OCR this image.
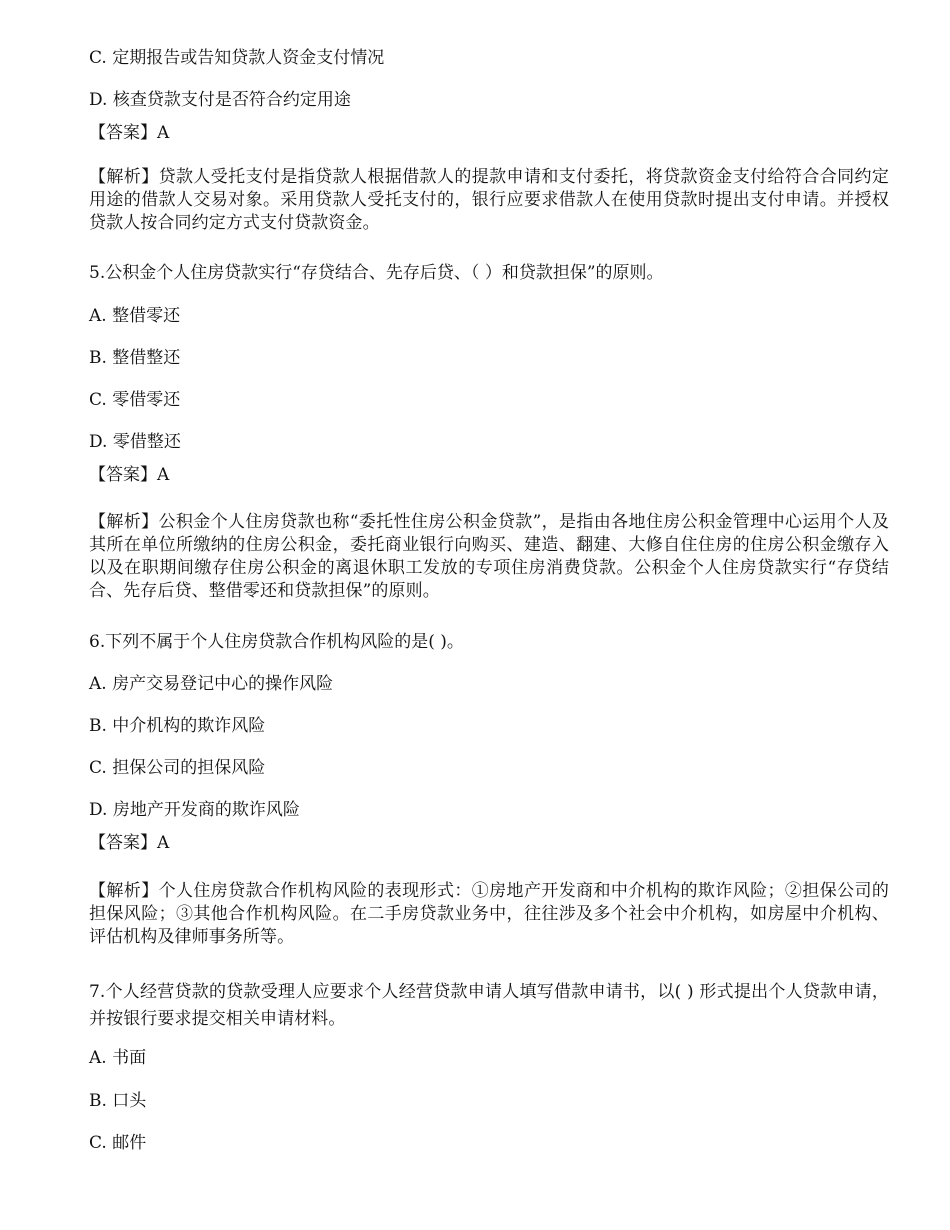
C. 定期报告或告知贷款人资金支付情况
D. 核查贷款支付是否符合约定用途
【答案】A
【解析】贷款人受托支付是指贷款人根据借款人的提款申请和支付委托，将贷款资金支付给符合合同约定用途的借款人交易对象。采用贷款人受托支付的，银行应要求借款人在使用贷款时提出支付申请。并授权贷款人按合同约定方式支付贷款资金。
5.公积金个人住房贷款实行“存贷结合、先存后贷、（ ）和贷款担保”的原则。
A. 整借零还
B. 整借整还
C. 零借零还
D. 零借整还
【答案】A
【解析】公积金个人住房贷款也称“委托性住房公积金贷款”，是指由各地住房公积金管理中心运用个人及其所在单位所缴纳的住房公积金，委托商业银行向购买、建造、翻建、大修自住住房的住房公积金缴存入以及在职期间缴存住房公积金的离退休职工发放的专项住房消费贷款。公积金个人住房贷款实行“存贷结合、先存后贷、整借零还和贷款担保”的原则。
6.下列不属于个人住房贷款合作机构风险的是( )。
A. 房产交易登记中心的操作风险
B. 中介机构的欺诈风险
C. 担保公司的担保风险
D. 房地产开发商的欺诈风险
【答案】A
【解析】个人住房贷款合作机构风险的表现形式：①房地产开发商和中介机构的欺诈风险；②担保公司的担保风险；③其他合作机构风险。在二手房贷款业务中，往往涉及多个社会中介机构，如房屋中介机构、评估机构及律师事务所等。
7.个人经营贷款的贷款受理人应要求个人经营贷款申请人填写借款申请书，以( ) 形式提出个人贷款申请，并按银行要求提交相关申请材料。
A. 书面
B. 口头
C. 邮件
